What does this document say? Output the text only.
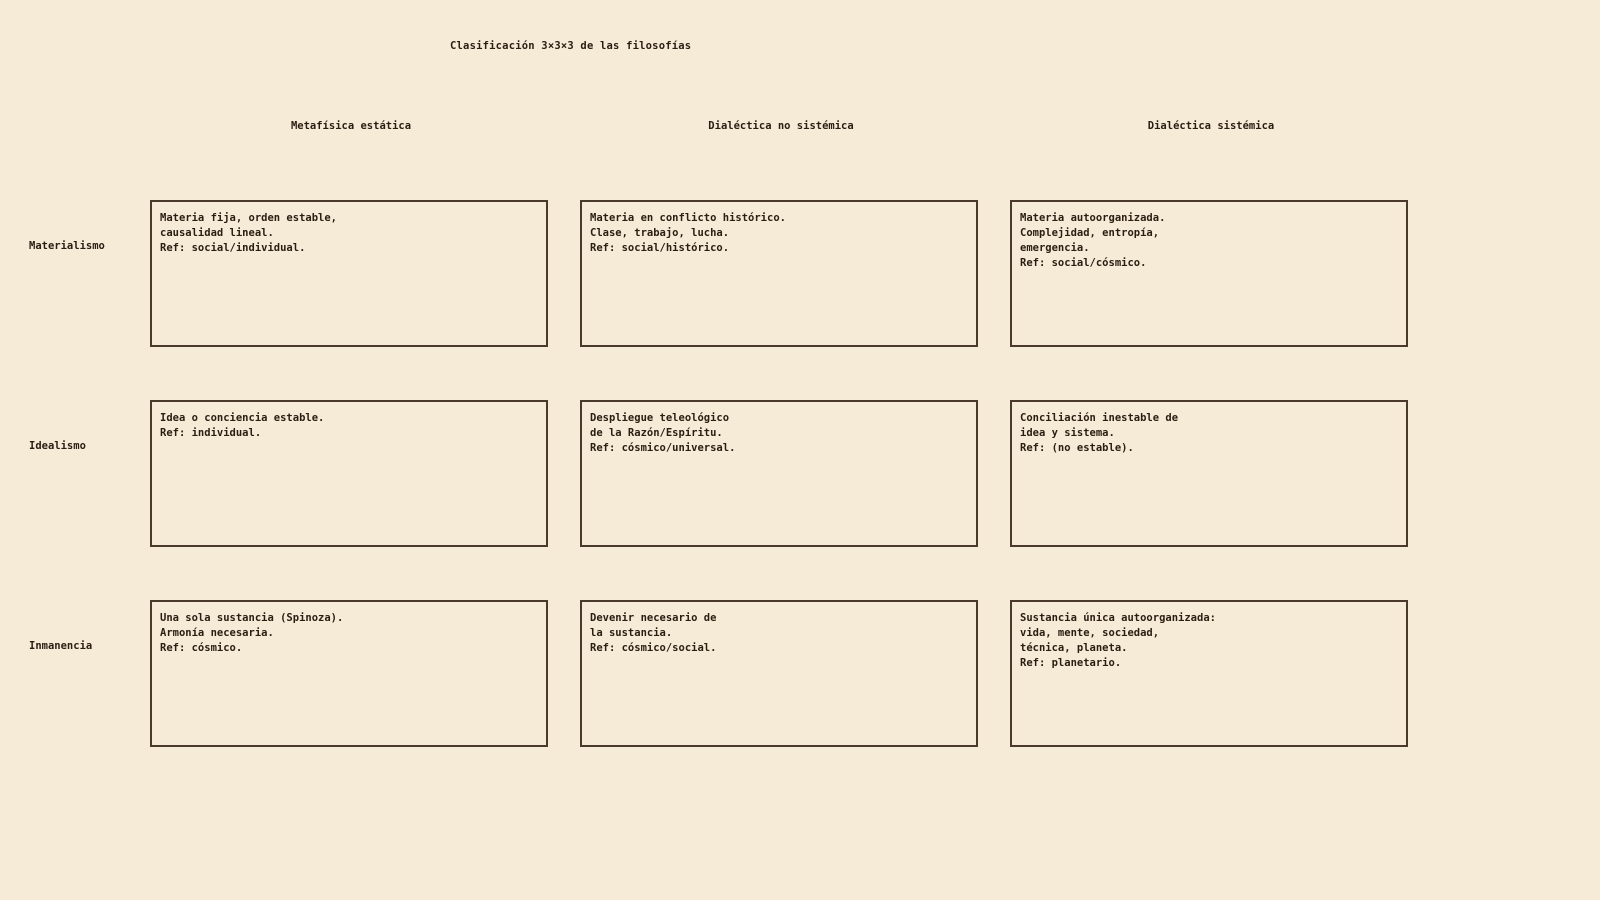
Clasificación 3×3×3 de las filosofías
Metafísica estática	Dialéctica no sistémica	Dialéctica sistémica
Materialismo
Idealismo
Inmanencia
Materia fija, orden estable,
causalidad lineal.
Ref: social/individual.
Materia en conflicto histórico.
Clase, trabajo, lucha.
Ref: social/histórico.
Materia autoorganizada.
Complejidad, entropía,
emergencia.
Ref: social/cósmico.
Idea o conciencia estable.
Ref: individual.
Despliegue teleológico
de la Razón/Espíritu.
Ref: cósmico/universal.
Conciliación inestable de
idea y sistema.
Ref: (no estable).
Una sola sustancia (Spinoza).
Armonía necesaria.
Ref: cósmico.
Devenir necesario de
la sustancia.
Ref: cósmico/social.
Sustancia única autoorganizada:
vida, mente, sociedad,
técnica, planeta.
Ref: planetario.
